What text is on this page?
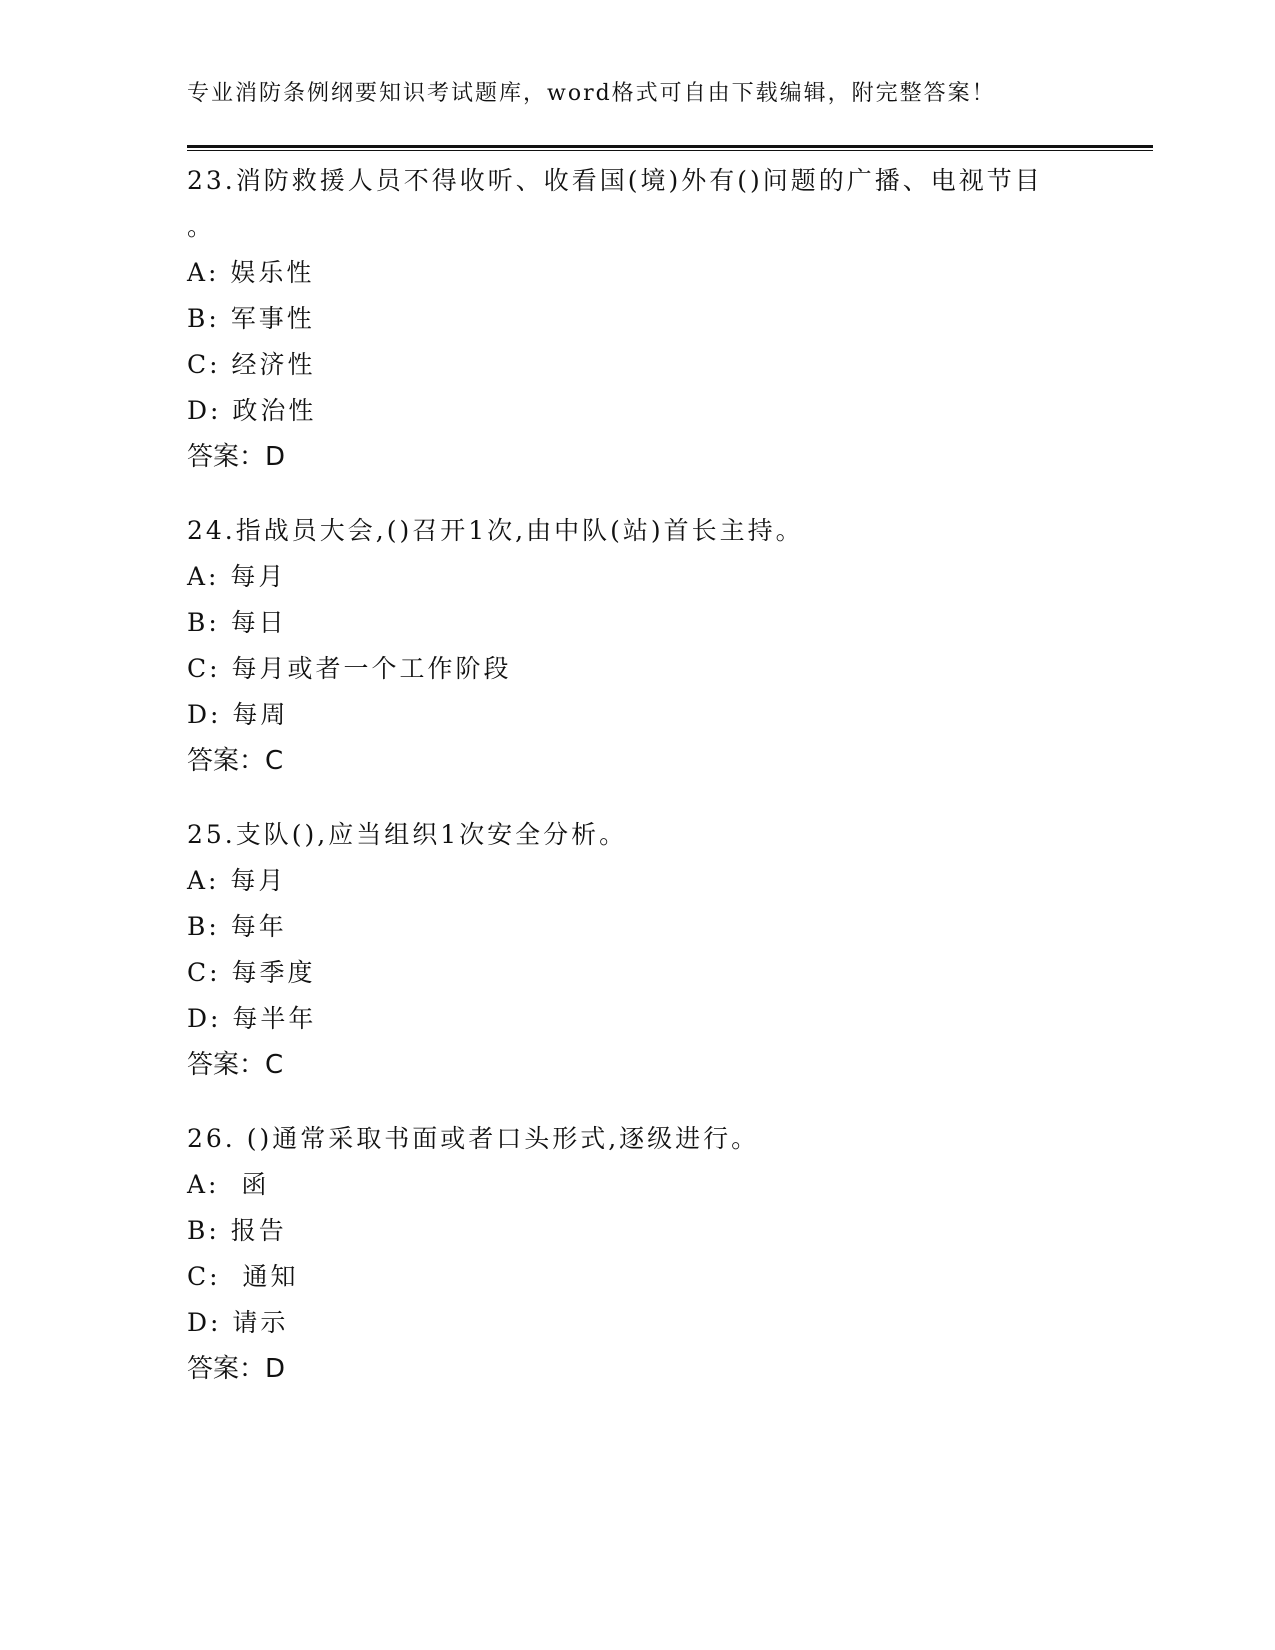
专业消防条例纲要知识考试题库，word格式可自由下载编辑，附完整答案！
23.消防救援人员不得收听、收看国(境)外有()问题的广播、电视节目
。
A: 娱乐性
B: 军事性
C: 经济性
D: 政治性
答案：D
24.指战员大会,()召开1次,由中队(站)首长主持。
A: 每月
B: 每日
C: 每月或者一个工作阶段
D: 每周
答案：C
25.支队(),应当组织1次安全分析。
A: 每月
B: 每年
C: 每季度
D: 每半年
答案：C
26. ()通常采取书面或者口头形式,逐级进行。
A:  函
B: 报告
C:  通知
D: 请示
答案：D
